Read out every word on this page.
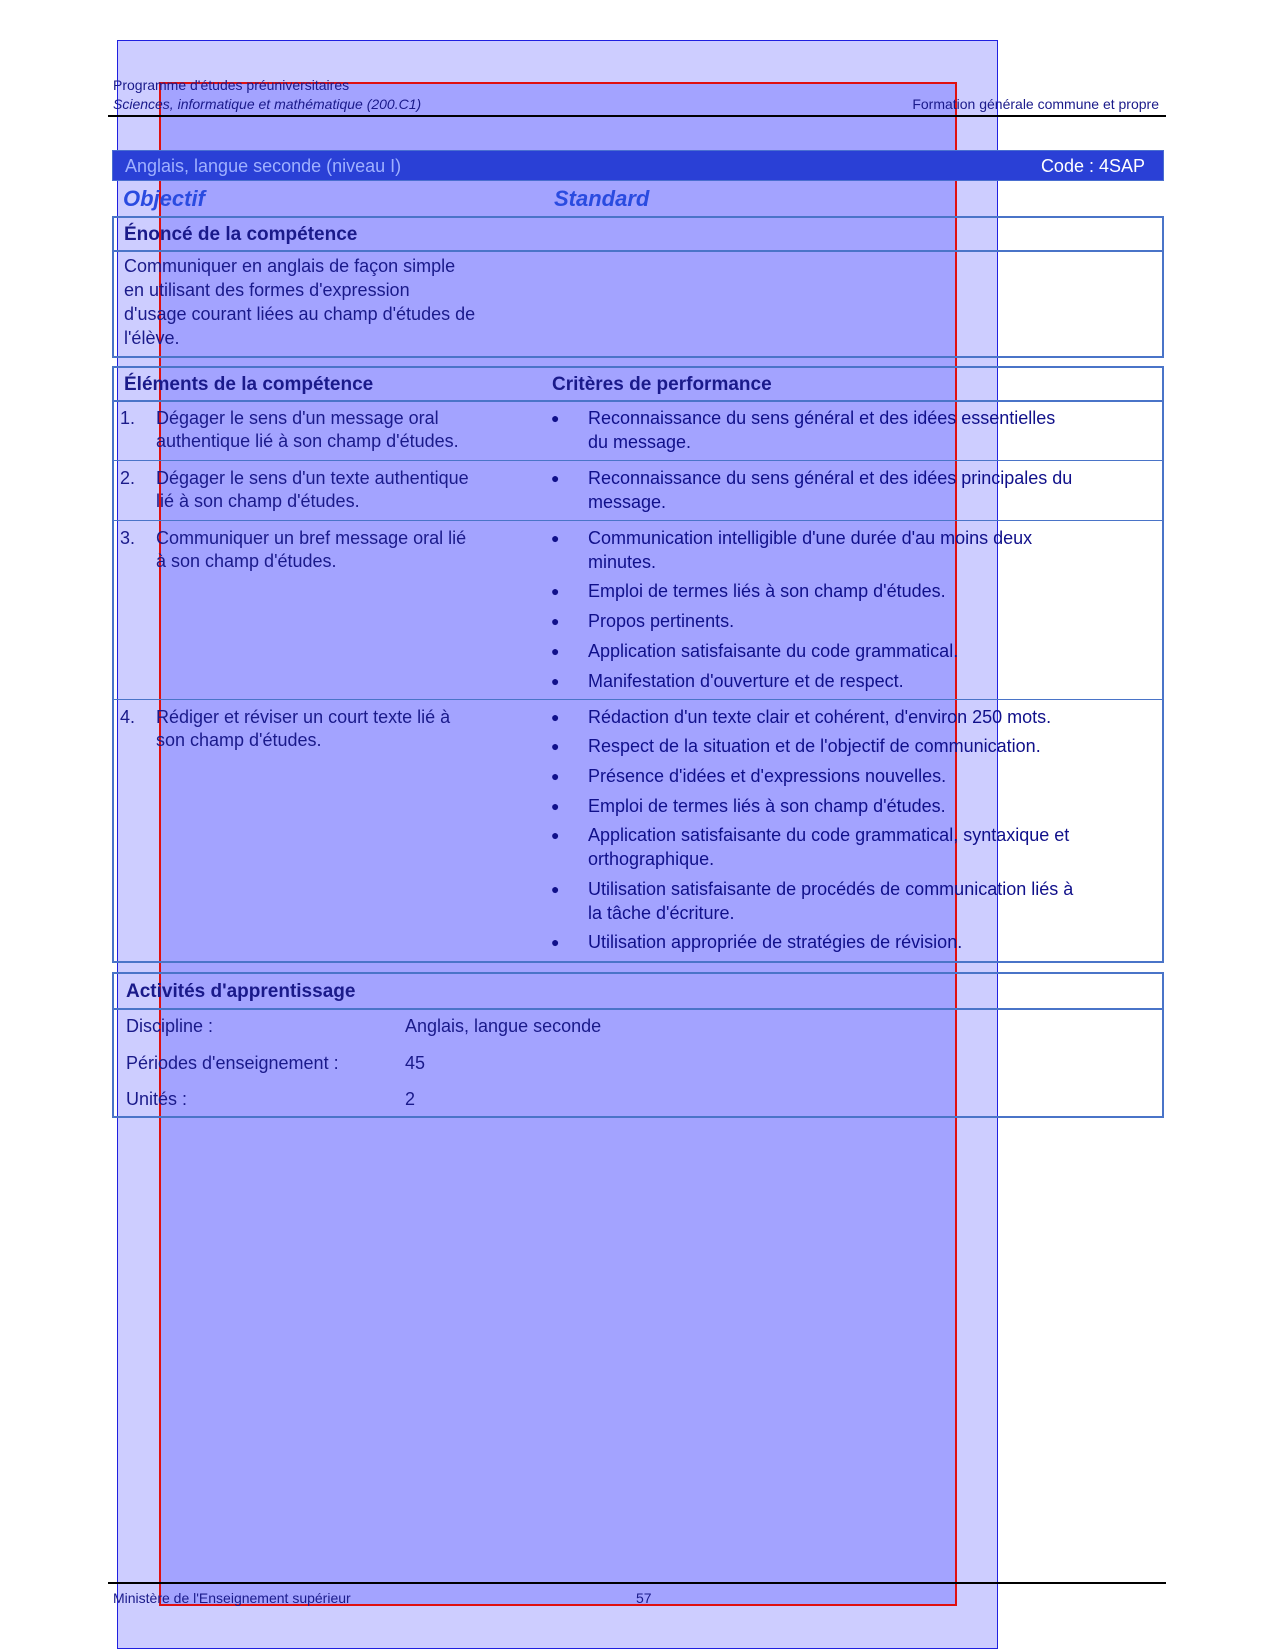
Programme d'études préuniversitaires
Sciences, informatique et mathématique (200.C1)	Formation générale commune et propre
Anglais, langue seconde (niveau I)	Code : 4SAP
Objectif	Standard
Énoncé de la compétence
Communiquer en anglais de façon simple
en utilisant des formes d'expression
d'usage courant liées au champ d'études de
l'élève.
Éléments de la compétence	Critères de performance
1. Dégager le sens d'un message oral
authentique lié à son champ d'études.
● Reconnaissance du sens général et des idées essentielles
du message.
2. Dégager le sens d'un texte authentique
lié à son champ d'études.
● Reconnaissance du sens général et des idées principales du
message.
3. Communiquer un bref message oral lié
à son champ d'études.
● Communication intelligible d'une durée d'au moins deux
minutes.
● Emploi de termes liés à son champ d'études.
● Propos pertinents.
● Application satisfaisante du code grammatical.
● Manifestation d'ouverture et de respect.
4. Rédiger et réviser un court texte lié à
son champ d'études.
● Rédaction d'un texte clair et cohérent, d'environ 250 mots.
● Respect de la situation et de l'objectif de communication.
● Présence d'idées et d'expressions nouvelles.
● Emploi de termes liés à son champ d'études.
● Application satisfaisante du code grammatical, syntaxique et
orthographique.
● Utilisation satisfaisante de procédés de communication liés à
la tâche d'écriture.
● Utilisation appropriée de stratégies de révision.
Activités d'apprentissage
Discipline :	Anglais, langue seconde
Périodes d'enseignement :	45
Unités :	2
Ministère de l'Enseignement supérieur	57
